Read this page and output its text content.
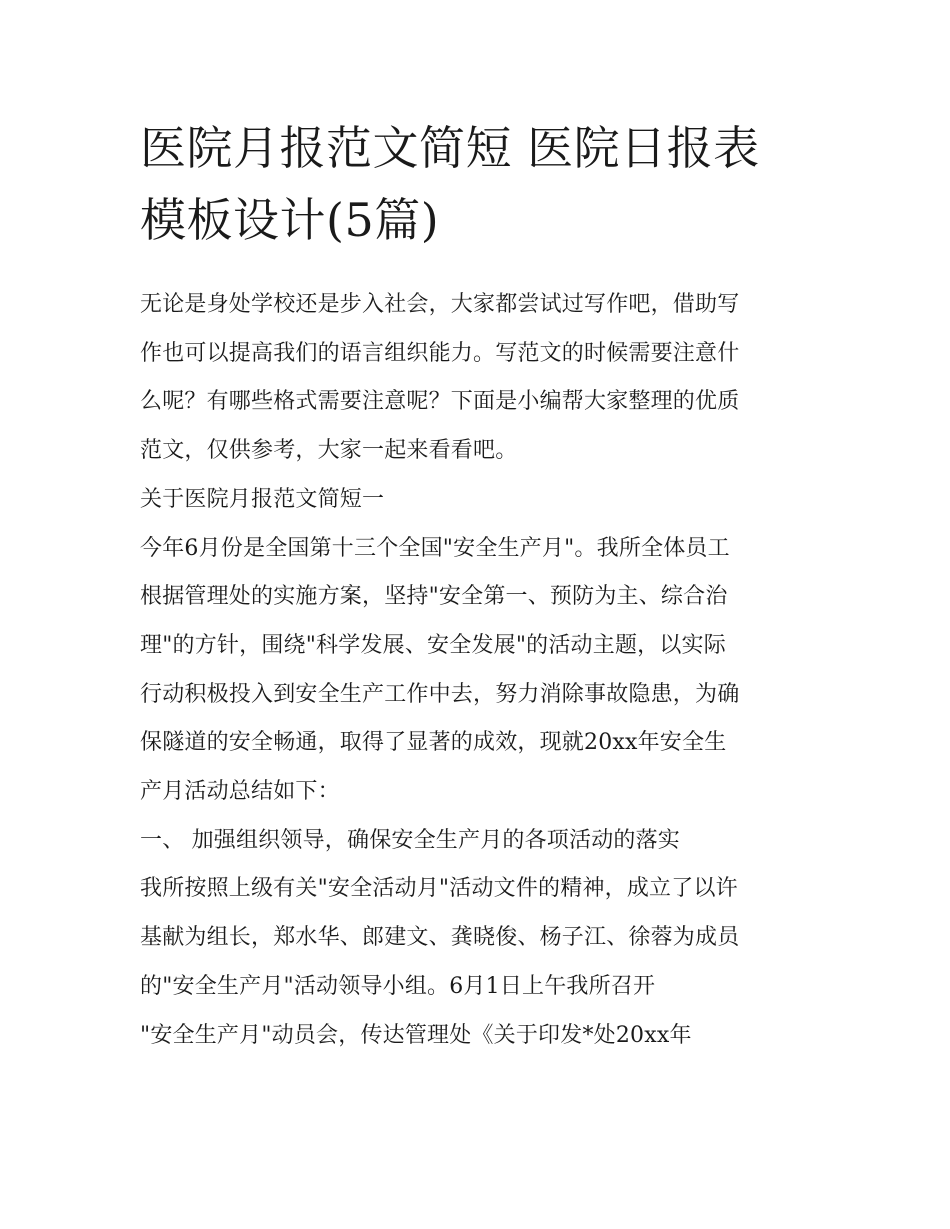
医院月报范文简短 医院日报表
模板设计(5篇)
无论是身处学校还是步入社会，大家都尝试过写作吧，借助写
作也可以提高我们的语言组织能力。写范文的时候需要注意什
么呢？有哪些格式需要注意呢？下面是小编帮大家整理的优质
范文，仅供参考，大家一起来看看吧。
关于医院月报范文简短一
今年6月份是全国第十三个全国"安全生产月"。我所全体员工
根据管理处的实施方案，坚持"安全第一、预防为主、综合治
理"的方针，围绕"科学发展、安全发展"的活动主题，以实际
行动积极投入到安全生产工作中去，努力消除事故隐患，为确
保隧道的安全畅通，取得了显著的成效，现就20xx年安全生
产月活动总结如下：
一、 加强组织领导，确保安全生产月的各项活动的落实
我所按照上级有关"安全活动月"活动文件的精神，成立了以许
基献为组长，郑水华、郎建文、龚晓俊、杨子江、徐蓉为成员
的"安全生产月"活动领导小组。6月1日上午我所召开
"安全生产月"动员会，传达管理处《关于印发*处20xx年
